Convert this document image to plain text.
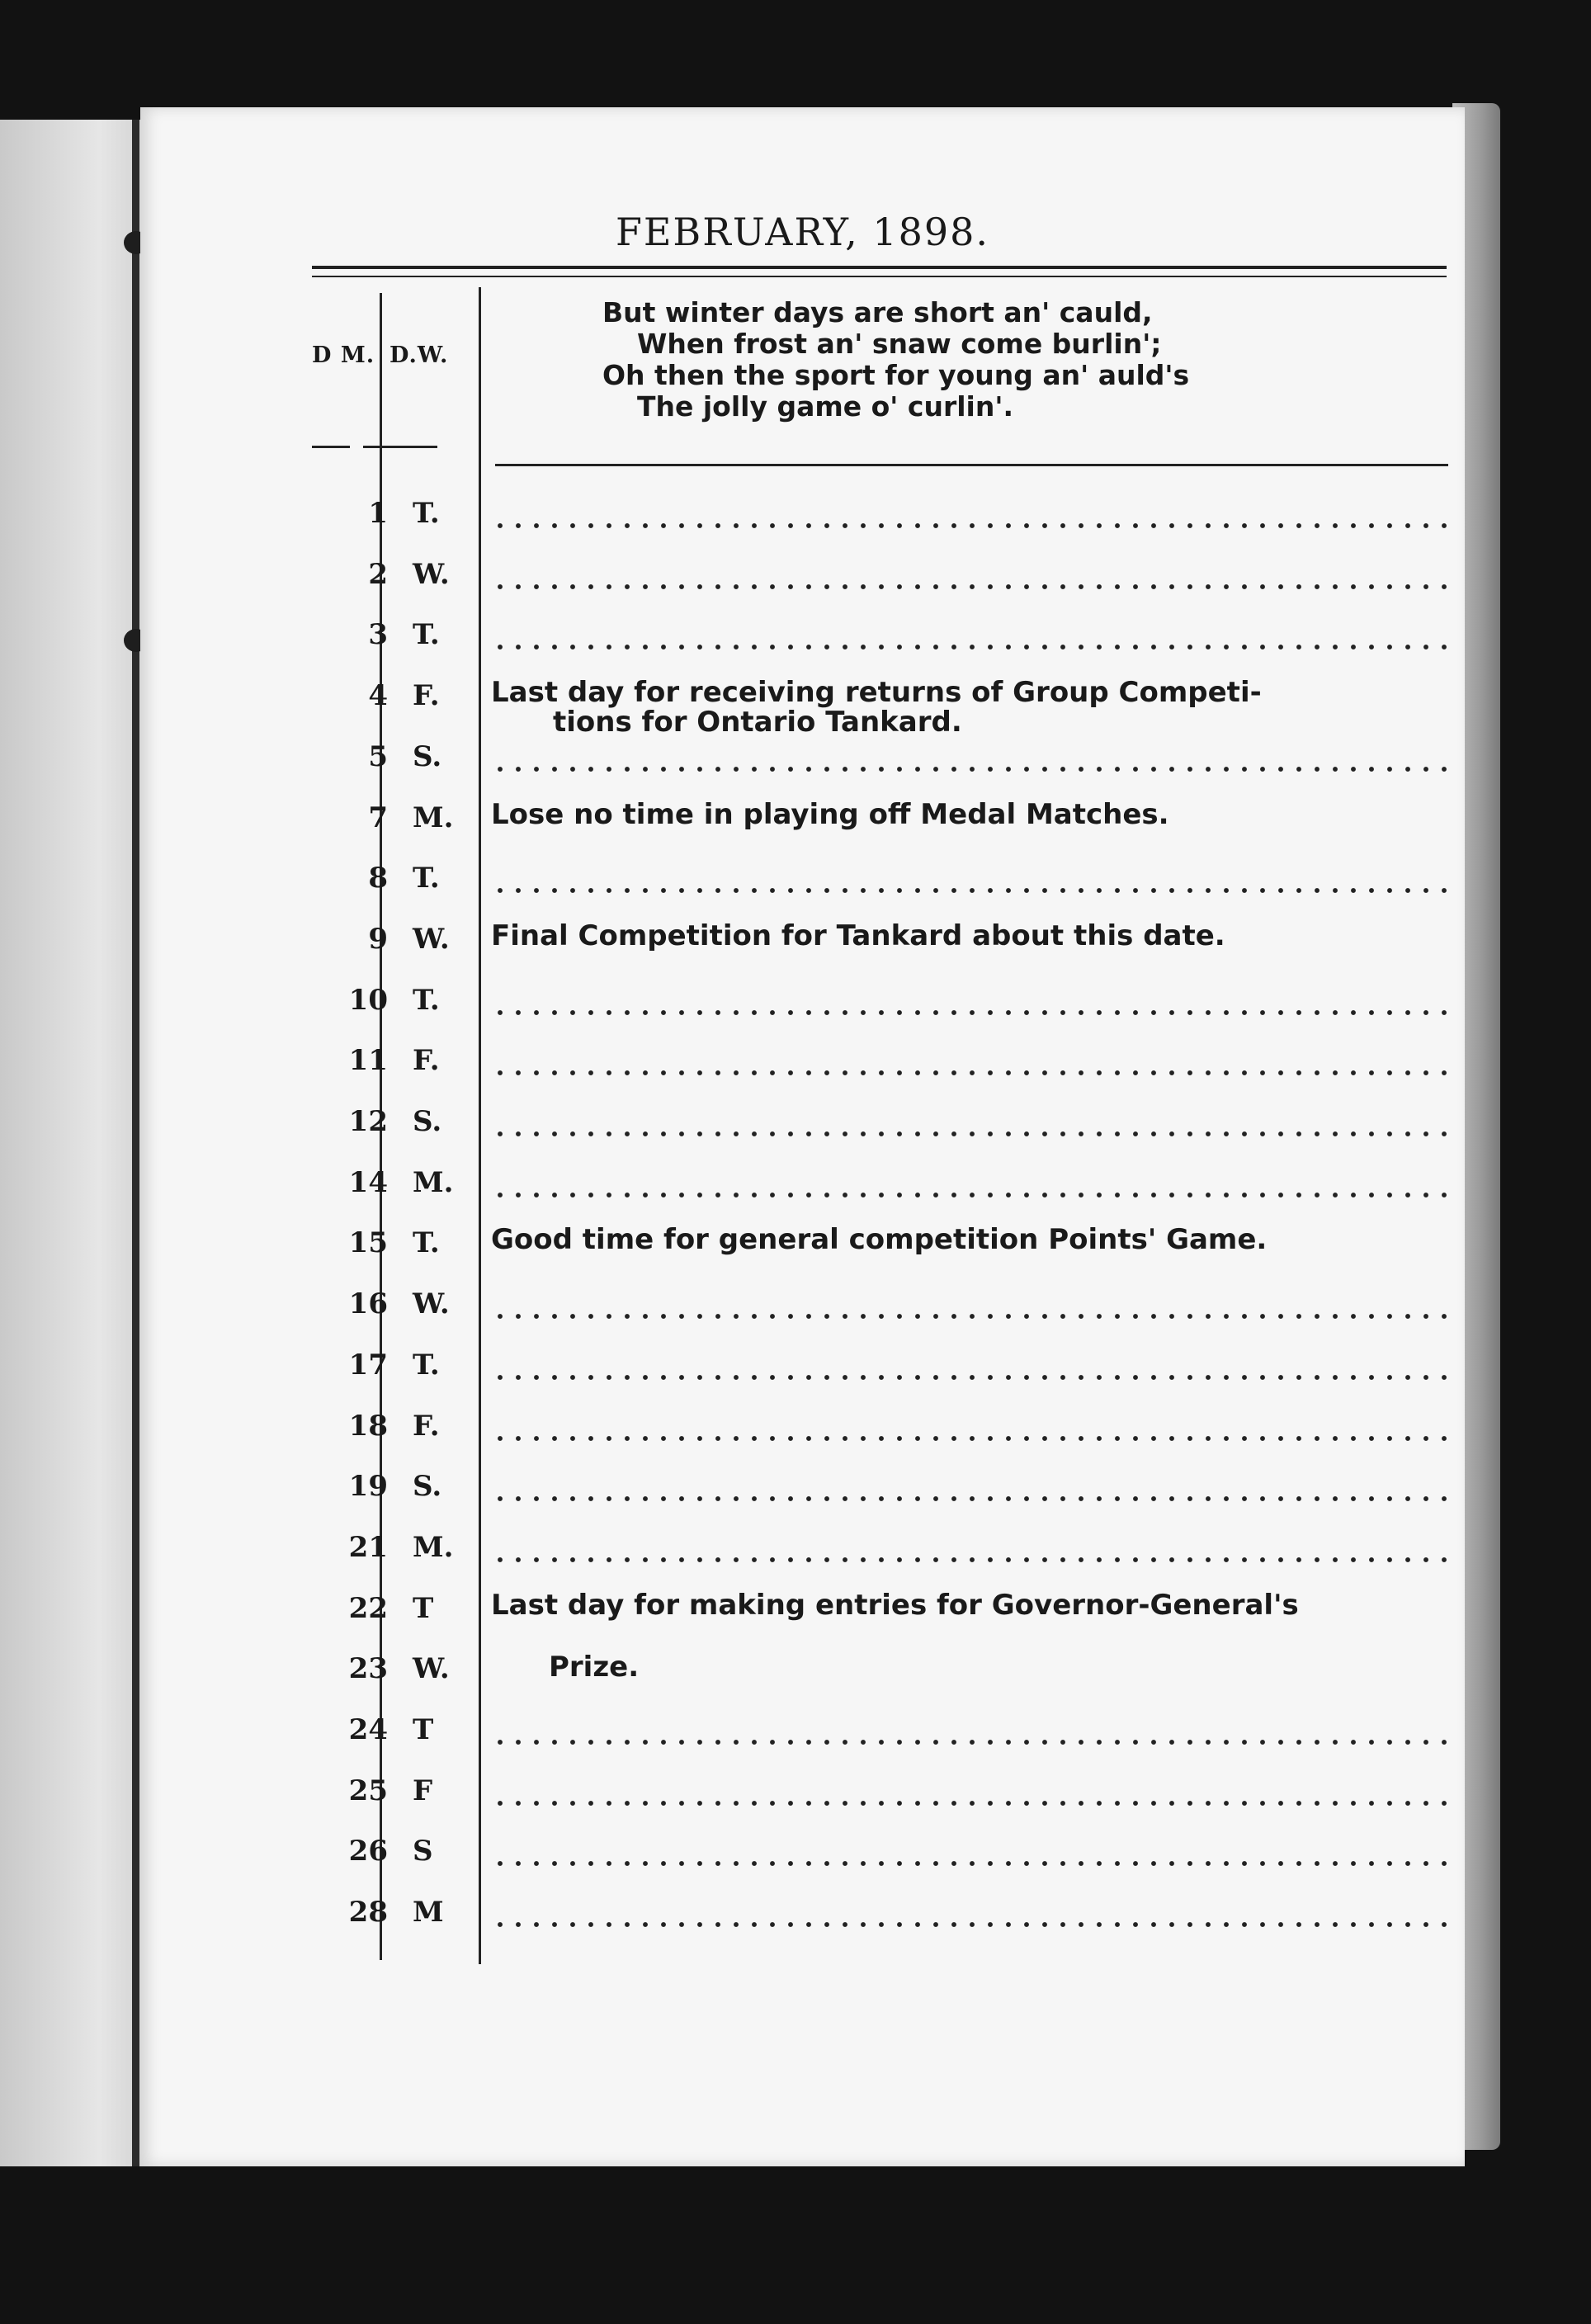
FEBRUARY, 1898.
D M. D.W.
But winter days are short an' cauld,
When frost an' snaw come burlin';
Oh then the sport for young an' auld's
The jolly game o' curlin'.
1 T.
2 W.
3 T.
4 F.	Last day for receiving returns of Group Competi-
tions for Ontario Tankard.
5 S.
7 M.	Lose no time in playing off Medal Matches.
8 T.
9 W.	Final Competition for Tankard about this date.
10 T.
11 F.
12 S.
14 M.
15 T.	Good time for general competition Points' Game.
16 W.
17 T.
18 F.
19 S.
21 M.
22 T	Last day for making entries for Governor-General's
23 W.	Prize.
24 T
25 F
26 S
28 M
